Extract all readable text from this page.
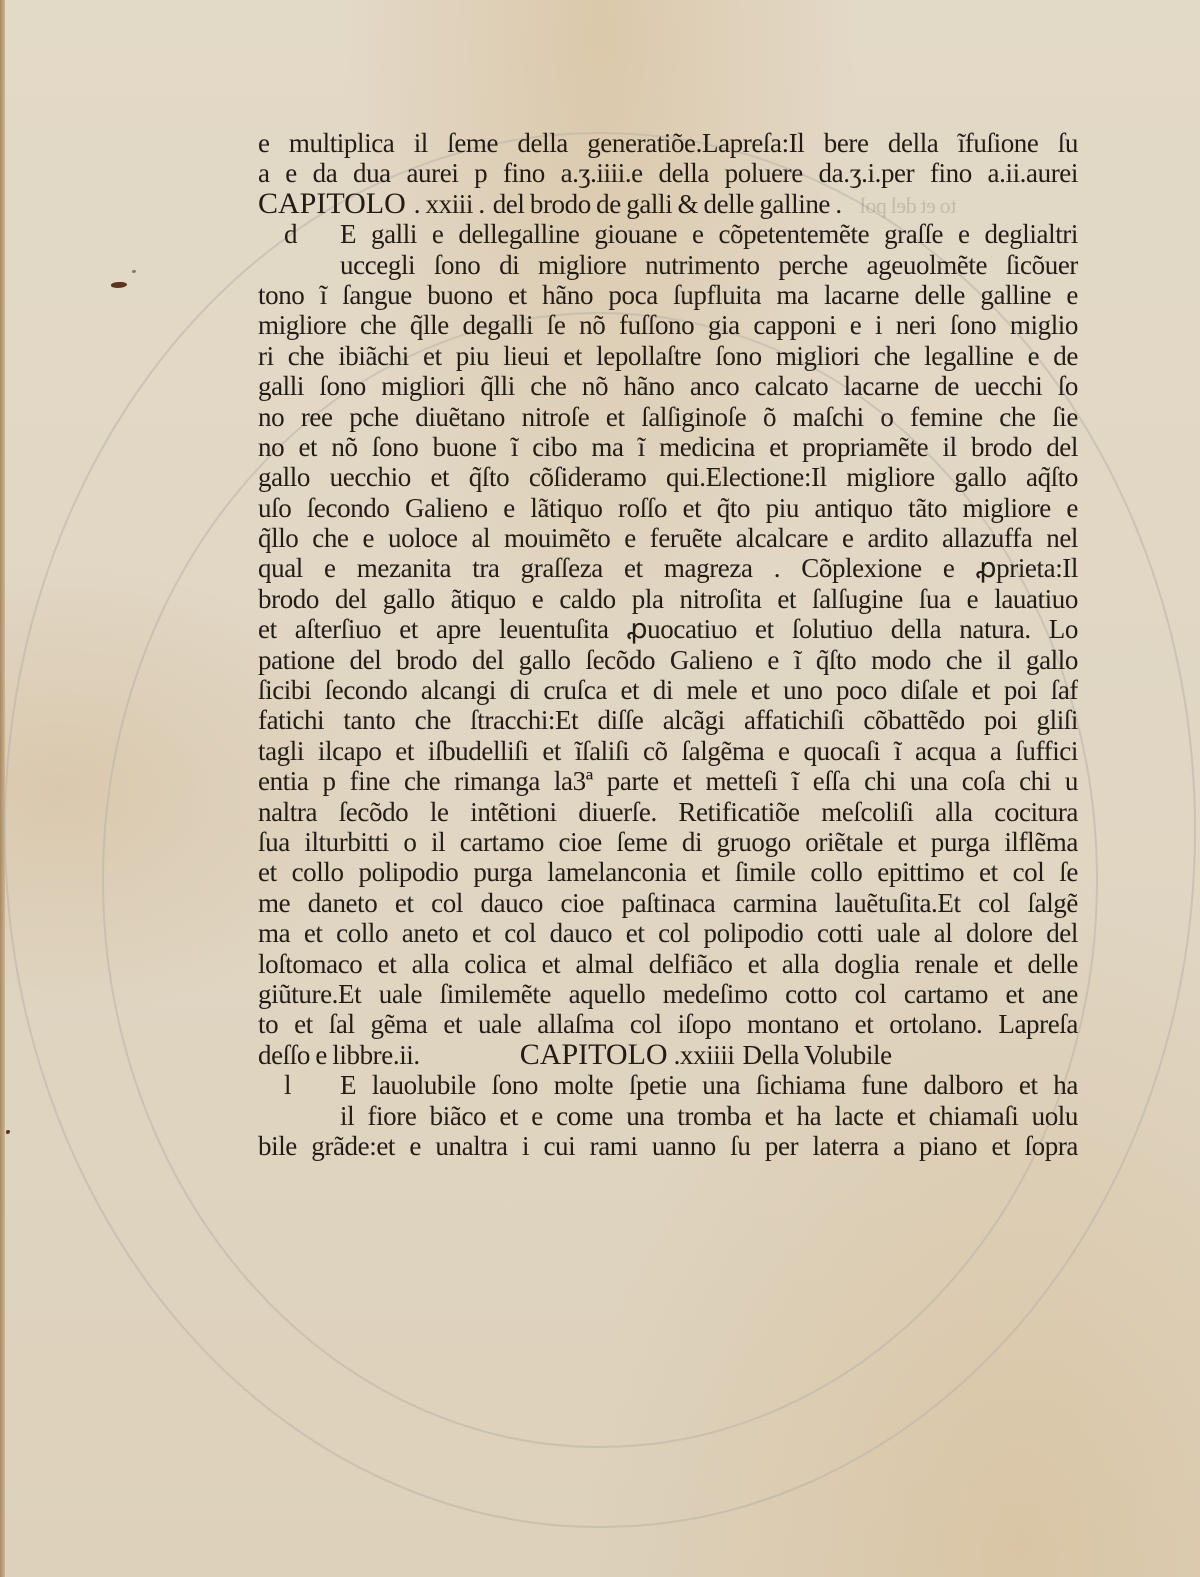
e multiplica il ſeme della generatiõe.Lapreſa:Il bere della ĩfuſione ſu
a e da dua aurei p̱ fino a.ʒ.iiii.e della poluere da.ʒ.i.per fino a.ii.aurei
CAPITOLO . xxiii . del brodo de galli & delle galline . to et del pol
d	E galli e dellegalline giouane e cõpetentemẽte graſſe e deglialtri
uccegli ſono di migliore nutrimento perche ageuolmẽte ſicõuer
tono ĩ ſangue buono et hãno poca ſupfluita ma lacarne delle galline e
migliore che q̃lle degalli ſe nõ fuſſono gia capponi e i neri ſono miglio
ri che ibiãchi et piu lieui et lepollaſtre ſono migliori che legalline e de
galli ſono migliori q̃lli che nõ hãno anco calcato lacarne de uecchi ſo
no ree p̱che diuẽtano nitroſe et ſalſiginoſe õ maſchi o femine che ſie
no et nõ ſono buone ĩ cibo ma ĩ medicina et propriamẽte il brodo del
gallo uecchio et q̃ſto cõſideramo qui.Electione:Il migliore gallo aq̃ſto
uſo ſecondo Galieno e lãtiquo roſſo et q̃to piu antiquo tãto migliore e
q̃llo che e uoloce al mouimẽto e feruẽte alcalcare e ardito allazuffa nel
qual e mezanita tra graſſeza et magreza . Cõplexione e ꝓprieta:Il
brodo del gallo ãtiquo e caldo p̱la nitroſita et ſalſugine ſua e lauatiuo
et aſterſiuo et apre leuentuſita ꝓuocatiuo et ſolutiuo della natura. Lo
patione del brodo del gallo ſecõdo Galieno e ĩ q̃ſto modo che il gallo
ſicibi ſecondo alcangi di cruſca et di mele et uno poco diſale et poi ſaf
fatichi tanto che ſtracchi:Et diſſe alcãgi affatichiſi cõbattẽdo poi gliſi
tagli ilcapo et iſbudelliſi et ĩſaliſi cõ ſalgẽma e quocaſi ĩ acqua a ſuffici
entia p̱ fine che rimanga la3ª parte et metteſi ĩ eſſa chi una coſa chi u
naltra ſecõdo le intẽtioni diuerſe. Retificatiõe meſcoliſi alla cocitura
ſua ilturbitti o il cartamo cioe ſeme di gruogo oriẽtale et purga ilflẽma
et collo polipodio purga lamelanconia et ſimile collo epittimo et col ſe
me daneto et col dauco cioe paſtinaca carmina lauẽtuſita.Et col ſalgẽ
ma et collo aneto et col dauco et col polipodio cotti uale al dolore del
loſtomaco et alla colica et almal delfiãco et alla doglia renale et delle
giũture.Et uale ſimilemẽte aquello medeſimo cotto col cartamo et ane
to et ſal gẽma et uale allaſma col iſopo montano et ortolano. Lapreſa
deſſo e libbre.ii.	CAPITOLO .xxiiii Della Volubile
l	E lauolubile ſono molte ſpetie una ſichiama fune dalboro et ha
il fiore biãco et e come una tromba et ha lacte et chiamaſi uolu
bile grãde:et e unaltra i cui rami uanno ſu per laterra a piano et ſopra
